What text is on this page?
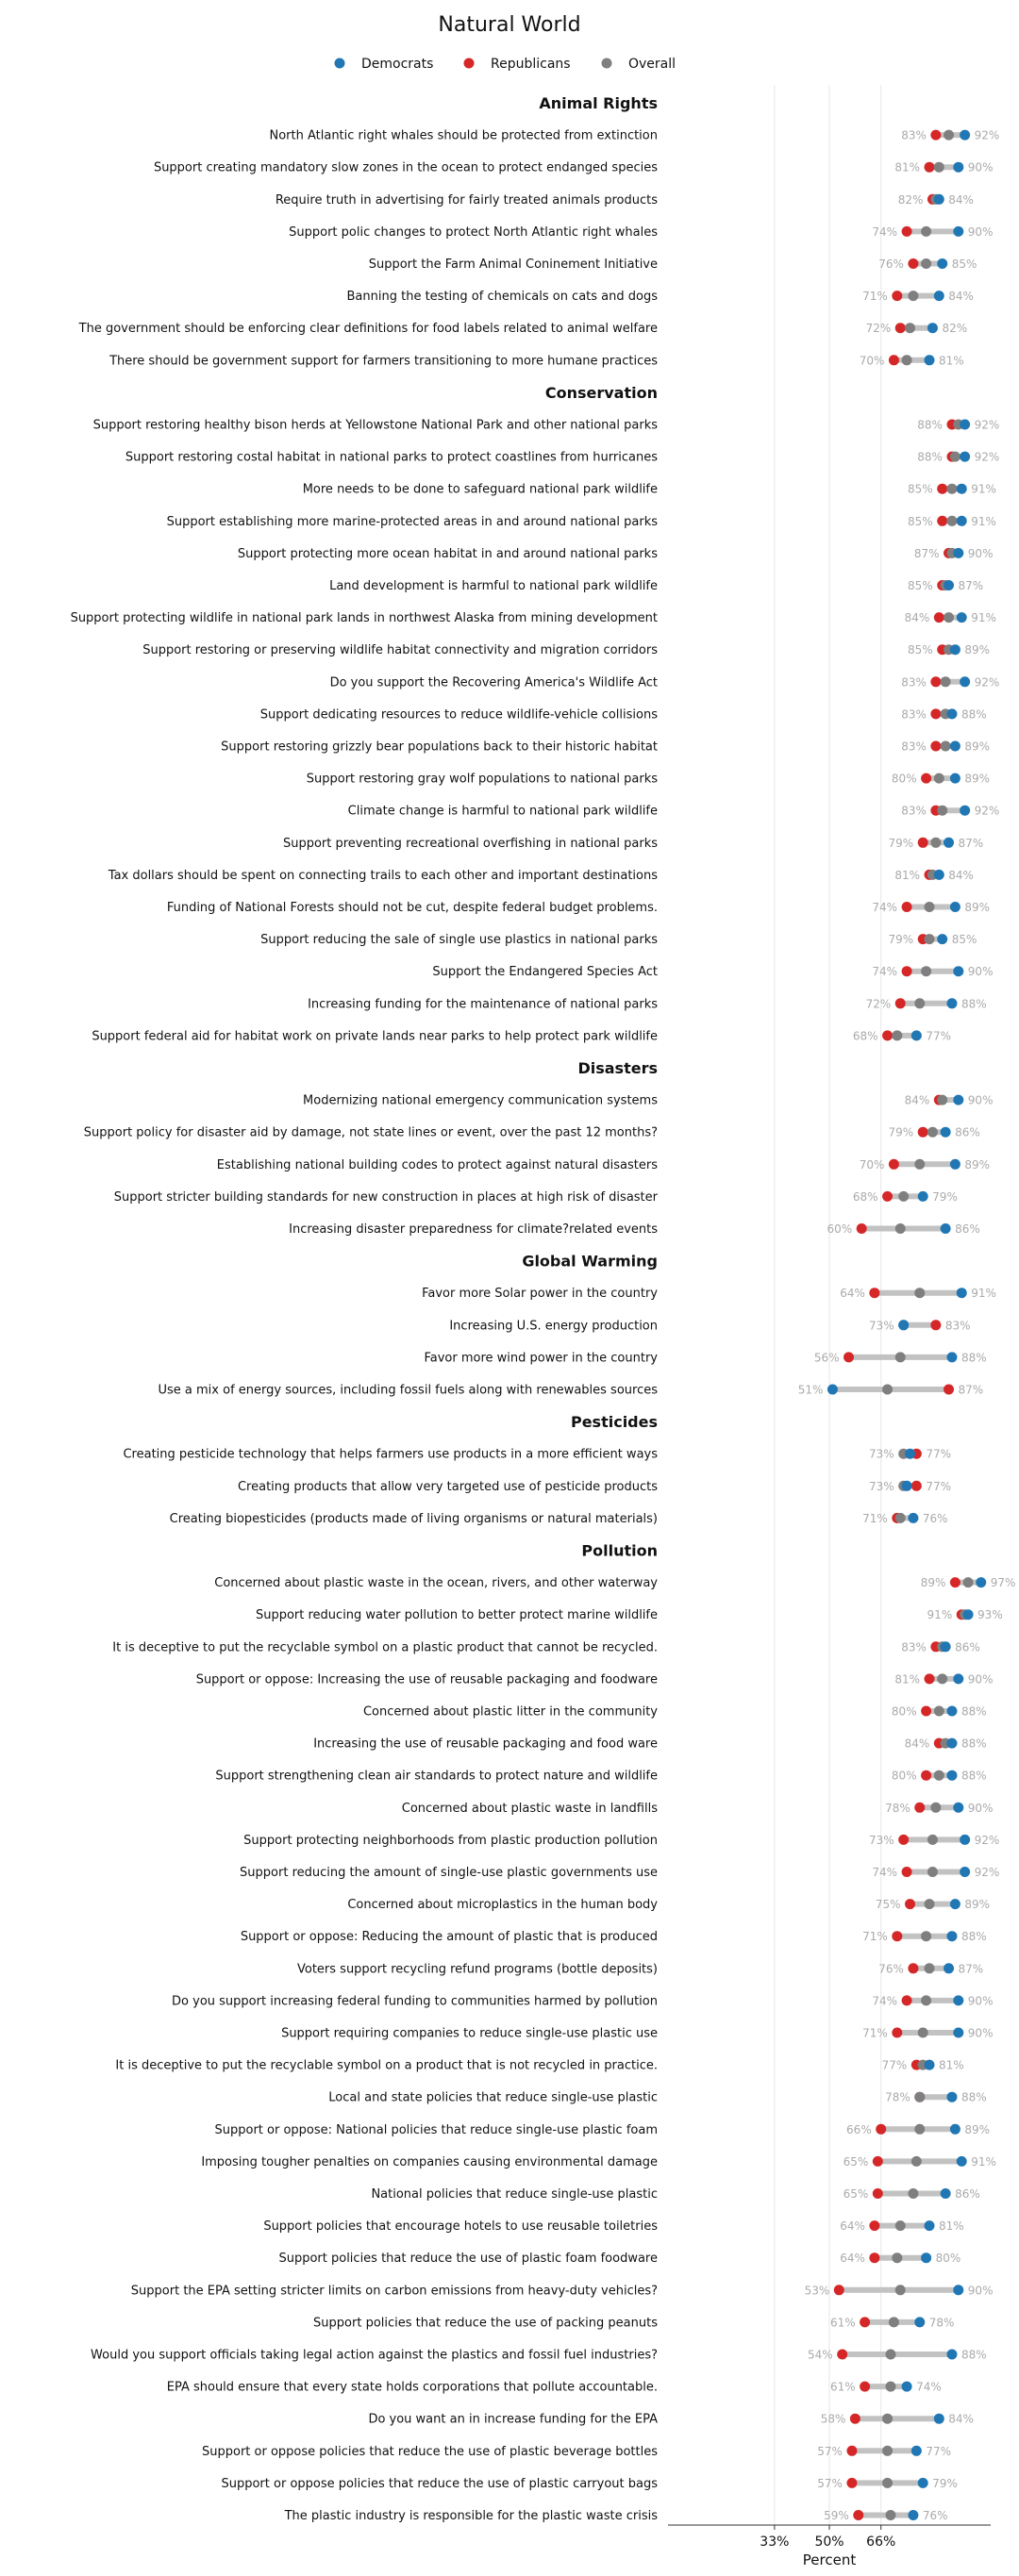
Natural World
Democrats	Republicans	Overall
Animal Rights
North Atlantic right whales should be protected from extinction	83%	92%
Support creating mandatory slow zones in the ocean to protect endanged species	81%	90%
Require truth in advertising for fairly treated animals products	82% 84%
Support polic changes to protect North Atlantic right whales	74%	90%
Support the Farm Animal Coninement Initiative	76%	85%
Banning the testing of chemicals on cats and dogs	71%	84%
The government should be enforcing clear definitions for food labels related to animal welfare	72%	82%
There should be government support for farmers transitioning to more humane practices	70%	81%
Conservation
Support restoring healthy bison herds at Yellowstone National Park and other national parks	88%	92%
Support restoring costal habitat in national parks to protect coastlines from hurricanes	88%	92%
More needs to be done to safeguard national park wildlife	85%	91%
Support establishing more marine-protected areas in and around national parks	85%	91%
Support protecting more ocean habitat in and around national parks	87%	90%
Land development is harmful to national park wildlife	85% 87%
Support protecting wildlife in national park lands in northwest Alaska from mining development	84%	91%
Support restoring or preserving wildlife habitat connectivity and migration corridors	85%	89%
Do you support the Recovering America's Wildlife Act	83%	92%
Support dedicating resources to reduce wildlife-vehicle collisions	83%	88%
Support restoring grizzly bear populations back to their historic habitat	83%	89%
Support restoring gray wolf populations to national parks	80%	89%
Climate change is harmful to national park wildlife	83%	92%
Support preventing recreational overfishing in national parks	79%	87%
Tax dollars should be spent on connecting trails to each other and important destinations	81%	84%
Funding of National Forests should not be cut, despite federal budget problems.	74%	89%
Support reducing the sale of single use plastics in national parks	79%	85%
Support the Endangered Species Act	74%	90%
Increasing funding for the maintenance of national parks	72%	88%
Support federal aid for habitat work on private lands near parks to help protect park wildlife	68%	77%
Disasters
Modernizing national emergency communication systems	84%	90%
Support policy for disaster aid by damage, not state lines or event, over the past 12 months?	79%	86%
Establishing national building codes to protect against natural disasters	70%	89%
Support stricter building standards for new construction in places at high risk of disaster	68%	79%
Increasing disaster preparedness for climate?related events	60%	86%
Global Warming
Favor more Solar power in the country	64%	91%
Increasing U.S. energy production	73%	83%
Favor more wind power in the country	56%	88%
Use a mix of energy sources, including fossil fuels along with renewables sources	51%	87%
Pesticides
Creating pesticide technology that helps farmers use products in a more efficient ways	73%	77%
Creating products that allow very targeted use of pesticide products	73%	77%
Creating biopesticides (products made of living organisms or natural materials)	71%	76%
Pollution
Concerned about plastic waste in the ocean, rivers, and other waterway	89%	97%
Support reducing water pollution to better protect marine wildlife	91% 93%
It is deceptive to put the recyclable symbol on a plastic product that cannot be recycled.	83%	86%
Support or oppose: Increasing the use of reusable packaging and foodware	81%	90%
Concerned about plastic litter in the community	80%	88%
Increasing the use of reusable packaging and food ware	84%	88%
Support strengthening clean air standards to protect nature and wildlife	80%	88%
Concerned about plastic waste in landfills	78%	90%
Support protecting neighborhoods from plastic production pollution	73%	92%
Support reducing the amount of single-use plastic governments use	74%	92%
Concerned about microplastics in the human body	75%	89%
Support or oppose: Reducing the amount of plastic that is produced	71%	88%
Voters support recycling refund programs (bottle deposits)	76%	87%
Do you support increasing federal funding to communities harmed by pollution	74%	90%
Support requiring companies to reduce single-use plastic use	71%	90%
It is deceptive to put the recyclable symbol on a product that is not recycled in practice.	77%	81%
Local and state policies that reduce single-use plastic	78%	88%
Support or oppose: National policies that reduce single-use plastic foam	66%	89%
Imposing tougher penalties on companies causing environmental damage	65%	91%
National policies that reduce single-use plastic	65%	86%
Support policies that encourage hotels to use reusable toiletries	64%	81%
Support policies that reduce the use of plastic foam foodware	64%	80%
Support the EPA setting stricter limits on carbon emissions from heavy-duty vehicles?	53%	90%
Support policies that reduce the use of packing peanuts	61%	78%
Would you support officials taking legal action against the plastics and fossil fuel industries?	54%	88%
EPA should ensure that every state holds corporations that pollute accountable.	61%	74%
Do you want an in increase funding for the EPA	58%	84%
Support or oppose policies that reduce the use of plastic beverage bottles	57%	77%
Support or oppose policies that reduce the use of plastic carryout bags	57%	79%
The plastic industry is responsible for the plastic waste crisis	59%	76%
33% 50% 66%
Percent
